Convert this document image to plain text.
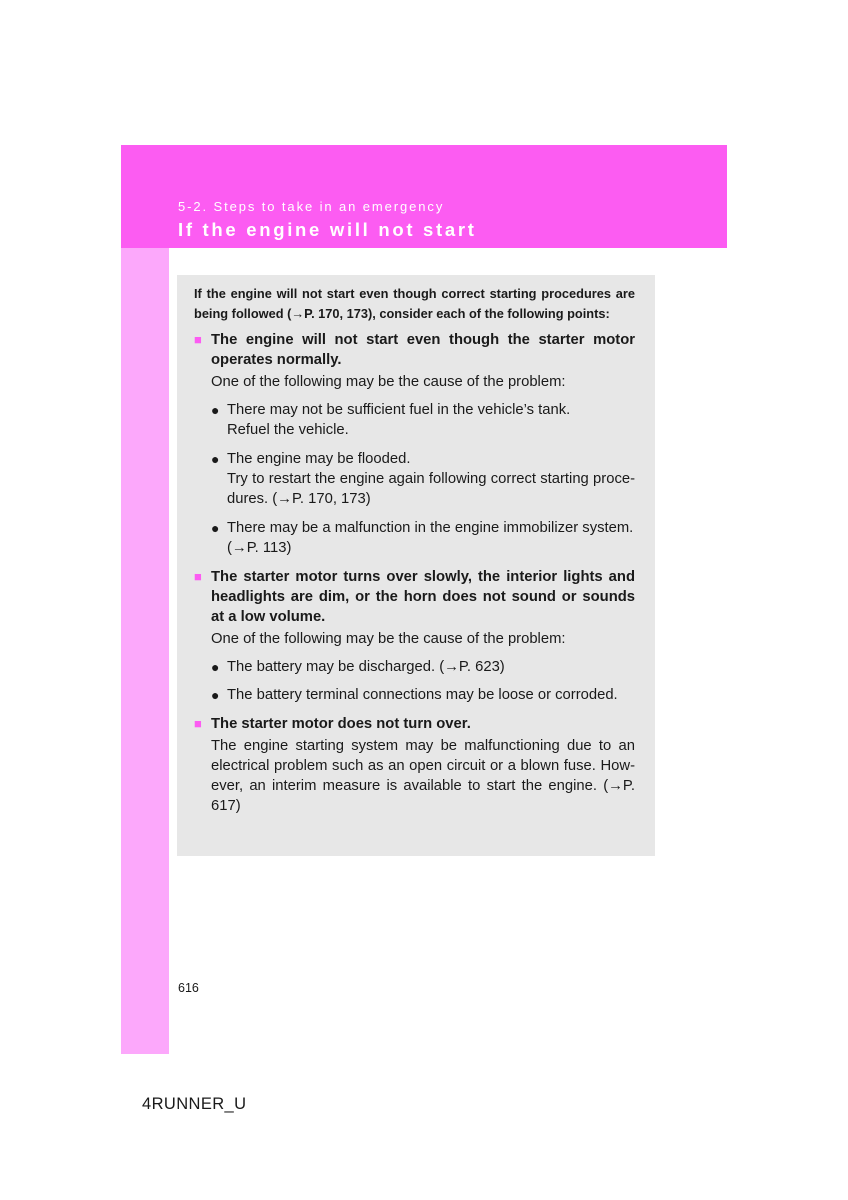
5-2. Steps to take in an emergency
If the engine will not start

If the engine will not start even though correct starting procedures are being followed (→P. 170, 173), consider each of the following points:

■ The engine will not start even though the starter motor operates normally.
One of the following may be the cause of the problem:
● There may not be sufficient fuel in the vehicle’s tank.
Refuel the vehicle.
● The engine may be flooded.
Try to restart the engine again following correct starting proce-dures. (→P. 170, 173)
● There may be a malfunction in the engine immobilizer system. (→P. 113)
■ The starter motor turns over slowly, the interior lights and headlights are dim, or the horn does not sound or sounds at a low volume.
One of the following may be the cause of the problem:
● The battery may be discharged. (→P. 623)
● The battery terminal connections may be loose or corroded.
■ The starter motor does not turn over.
The engine starting system may be malfunctioning due to an electrical problem such as an open circuit or a blown fuse. How-ever, an interim measure is available to start the engine. (→P. 617)
616
4RUNNER_U
